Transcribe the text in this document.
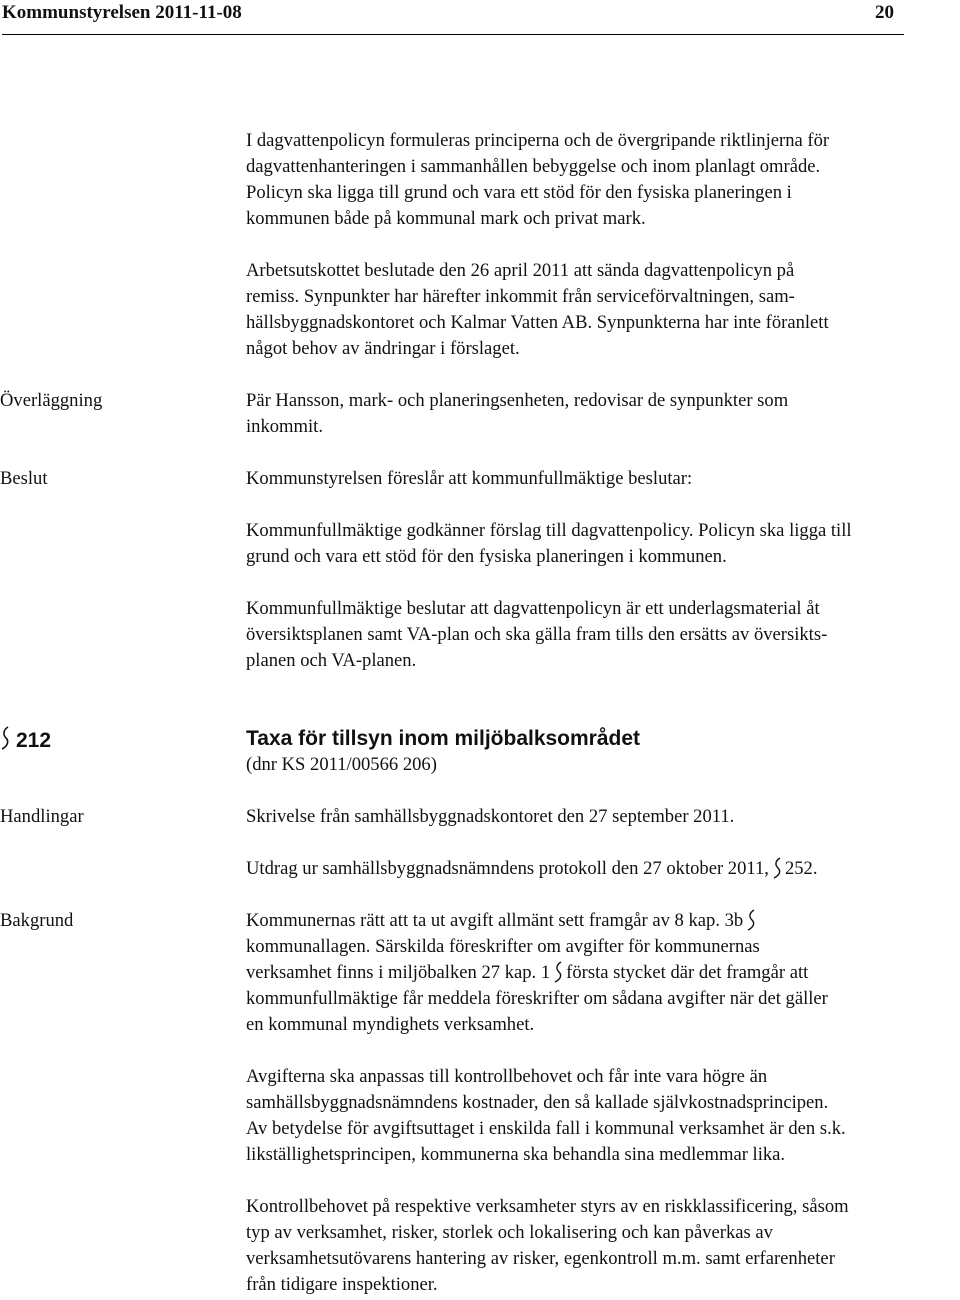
Kommunstyrelsen 2011-11-08	20

I dagvattenpolicyn formuleras principerna och de övergripande riktlinjerna för
dagvattenhanteringen i sammanhållen bebyggelse och inom planlagt område.
Policyn ska ligga till grund och vara ett stöd för den fysiska planeringen i
kommunen både på kommunal mark och privat mark.

Arbetsutskottet beslutade den 26 april 2011 att sända dagvattenpolicyn på
remiss. Synpunkter har härefter inkommit från serviceförvaltningen, sam-
hällsbyggnadskontoret och Kalmar Vatten AB. Synpunkterna har inte föranlett
något behov av ändringar i förslaget.

Överläggning	Pär Hansson, mark- och planeringsenheten, redovisar de synpunkter som
inkommit.

Beslut	Kommunstyrelsen föreslår att kommunfullmäktige beslutar:

Kommunfullmäktige godkänner förslag till dagvattenpolicy. Policyn ska ligga till
grund och vara ett stöd för den fysiska planeringen i kommunen.

Kommunfullmäktige beslutar att dagvattenpolicyn är ett underlagsmaterial åt
översiktsplanen samt VA-plan och ska gälla fram tills den ersätts av översikts-
planen och VA-planen.

212	Taxa för tillsyn inom miljöbalksområdet

(dnr KS 2011/00566 206)

Handlingar	Skrivelse från samhällsbyggnadskontoret den 27 september 2011.

Utdrag ur samhällsbyggnadsnämndens protokoll den 27 oktober 2011, 252.

Bakgrund	Kommunernas rätt att ta ut avgift allmänt sett framgår av 8 kap. 3b
kommunallagen. Särskilda föreskrifter om avgifter för kommunernas
verksamhet finns i miljöbalken 27 kap. 1 första stycket där det framgår att
kommunfullmäktige får meddela föreskrifter om sådana avgifter när det gäller
en kommunal myndighets verksamhet.

Avgifterna ska anpassas till kontrollbehovet och får inte vara högre än
samhällsbyggnadsnämndens kostnader, den så kallade självkostnadsprincipen.
Av betydelse för avgiftsuttaget i enskilda fall i kommunal verksamhet är den s.k.
likställighetsprincipen, kommunerna ska behandla sina medlemmar lika.

Kontrollbehovet på respektive verksamheter styrs av en riskklassificering, såsom
typ av verksamhet, risker, storlek och lokalisering och kan påverkas av
verksamhetsutövarens hantering av risker, egenkontroll m.m. samt erfarenheter
från tidigare inspektioner.
